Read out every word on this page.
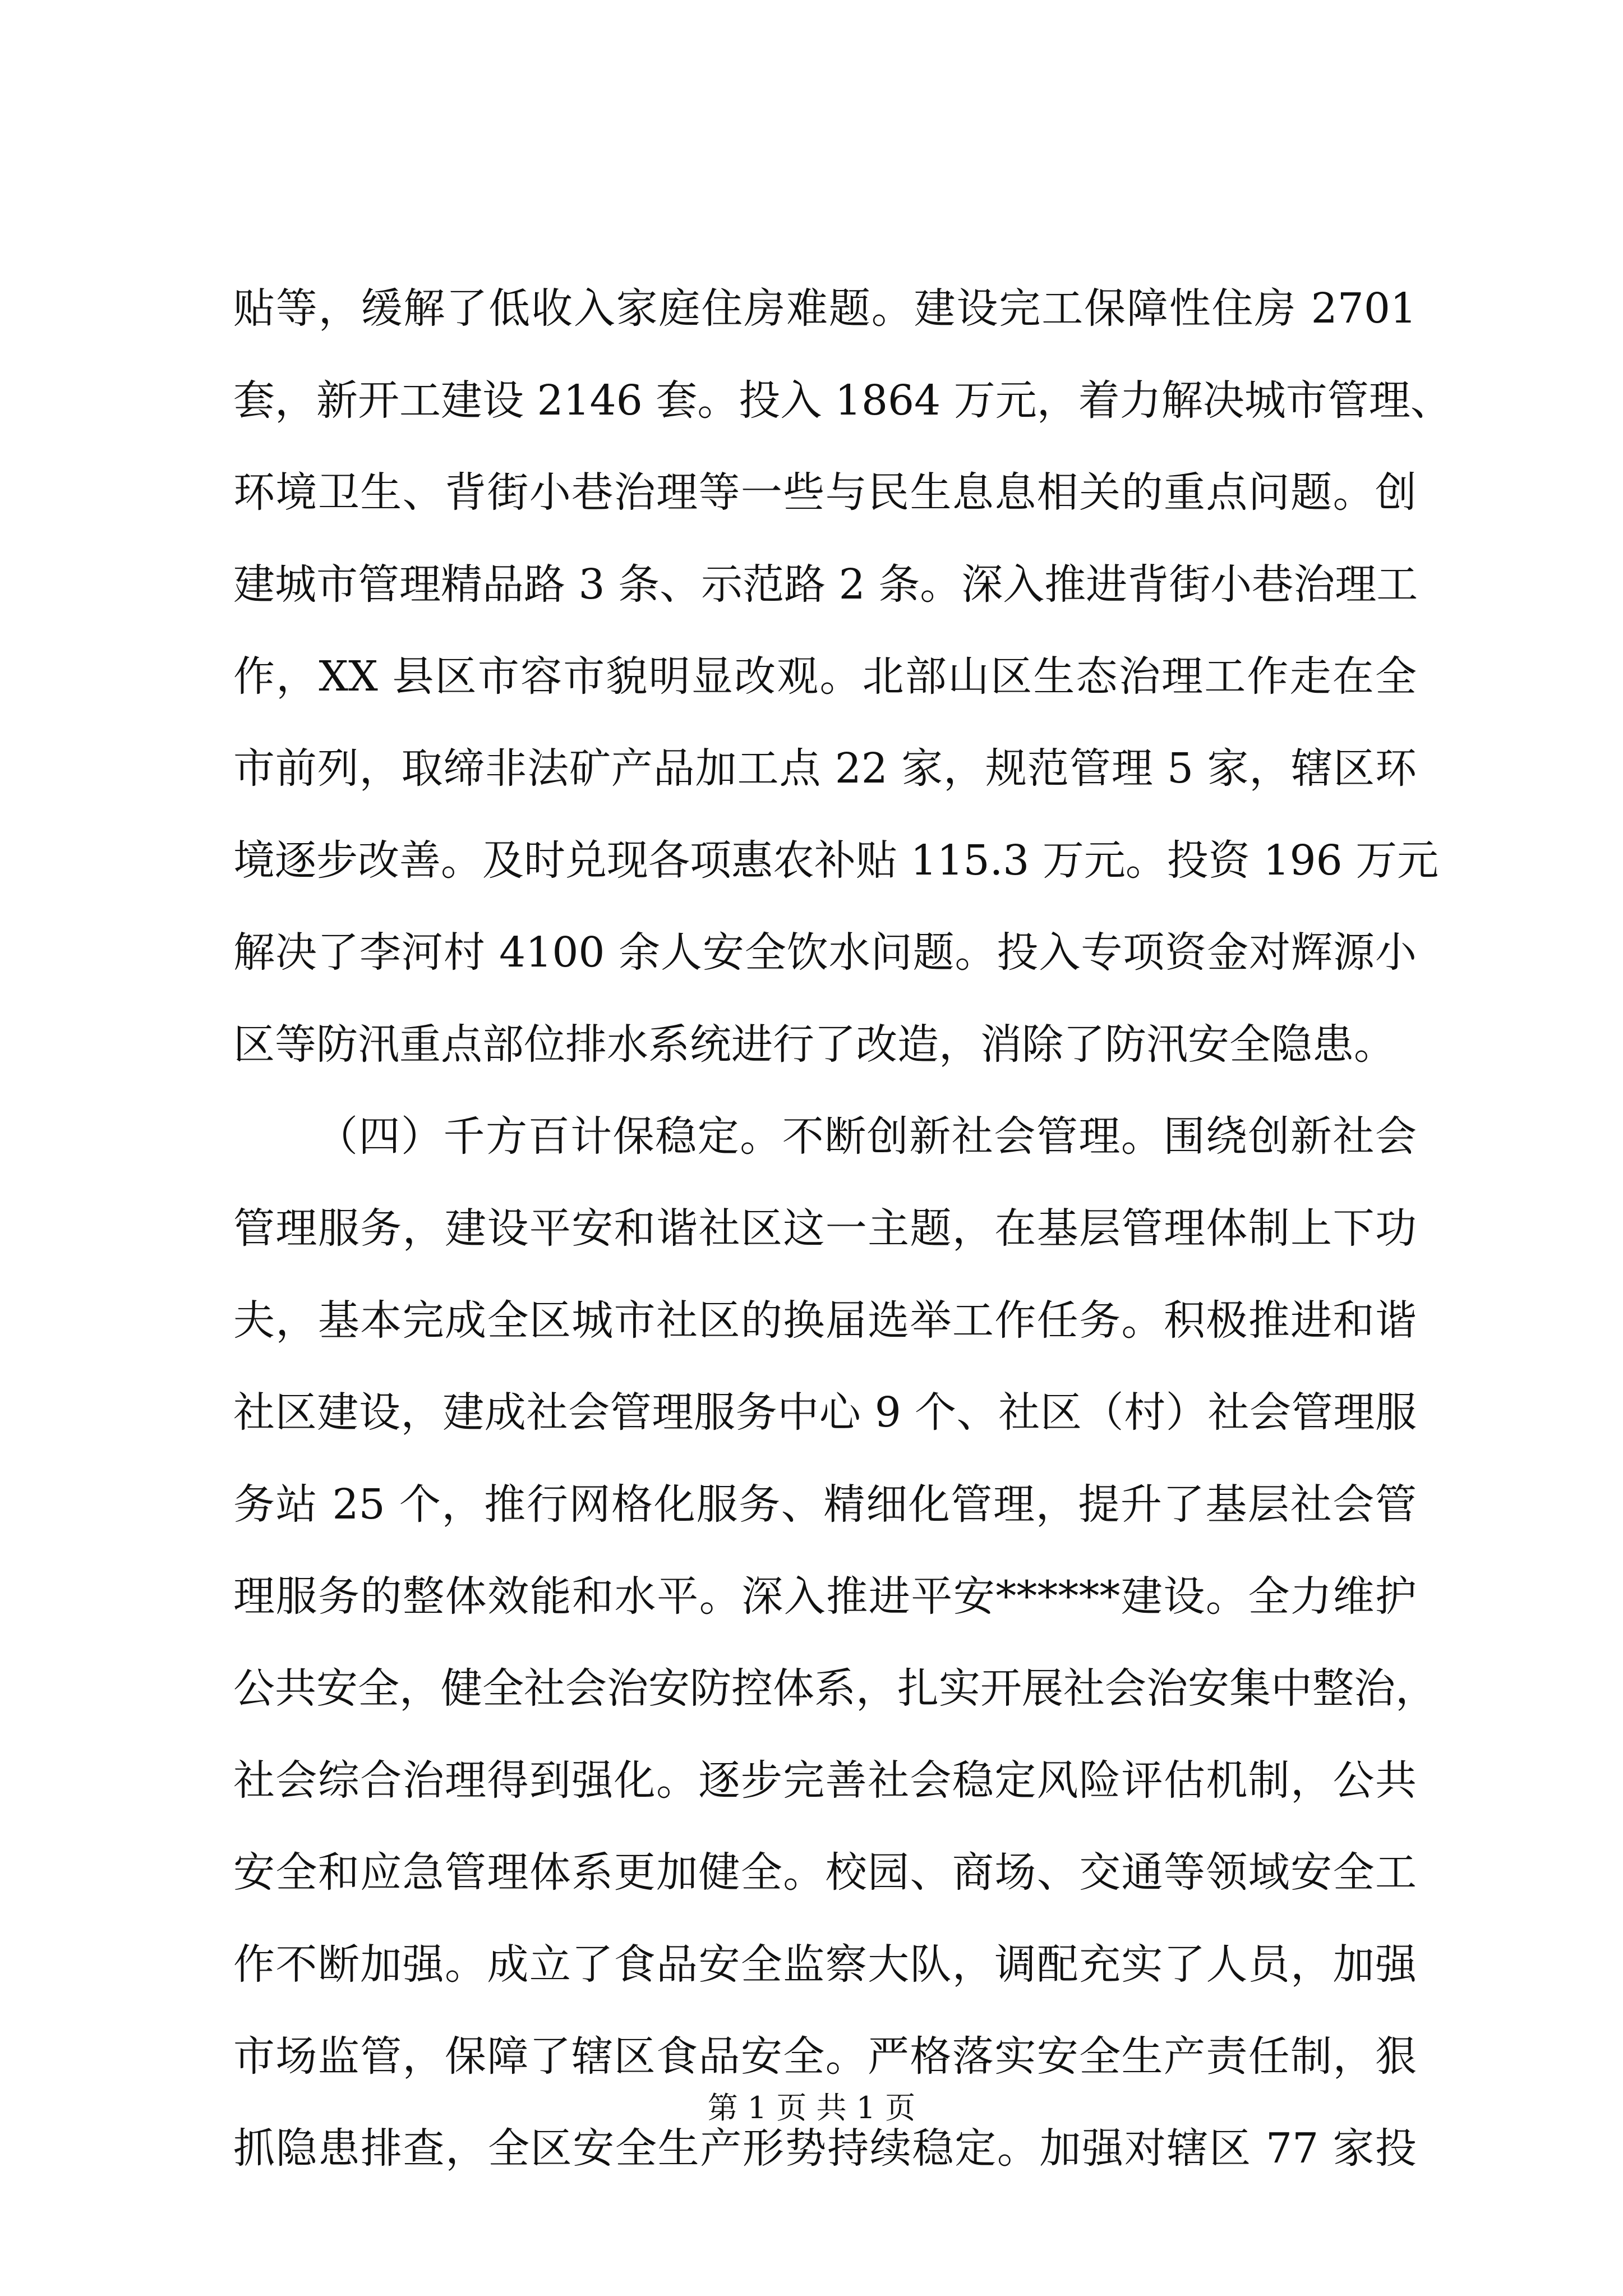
贴等，缓解了低收入家庭住房难题。建设完工保障性住房 2701
套，新开工建设 2146 套。投入 1864 万元，着力解决城市管理、
环境卫生、背街小巷治理等一些与民生息息相关的重点问题。创
建城市管理精品路 3 条、示范路 2 条。深入推进背街小巷治理工
作，XX 县区市容市貌明显改观。北部山区生态治理工作走在全
市前列，取缔非法矿产品加工点 22 家，规范管理 5 家，辖区环
境逐步改善。及时兑现各项惠农补贴 115.3 万元。投资 196 万元
解决了李河村 4100 余人安全饮水问题。投入专项资金对辉源小
区等防汛重点部位排水系统进行了改造，消除了防汛安全隐患。
（四）千方百计保稳定。不断创新社会管理。围绕创新社会
管理服务，建设平安和谐社区这一主题，在基层管理体制上下功
夫，基本完成全区城市社区的换届选举工作任务。积极推进和谐
社区建设，建成社会管理服务中心 9 个、社区（村）社会管理服
务站 25 个，推行网格化服务、精细化管理，提升了基层社会管
理服务的整体效能和水平。深入推进平安******建设。全力维护
公共安全，健全社会治安防控体系，扎实开展社会治安集中整治，
社会综合治理得到强化。逐步完善社会稳定风险评估机制，公共
安全和应急管理体系更加健全。校园、商场、交通等领域安全工
作不断加强。成立了食品安全监察大队，调配充实了人员，加强
市场监管，保障了辖区食品安全。严格落实安全生产责任制，狠
抓隐患排查，全区安全生产形势持续稳定。加强对辖区 77 家投
第 1 页 共 1 页
